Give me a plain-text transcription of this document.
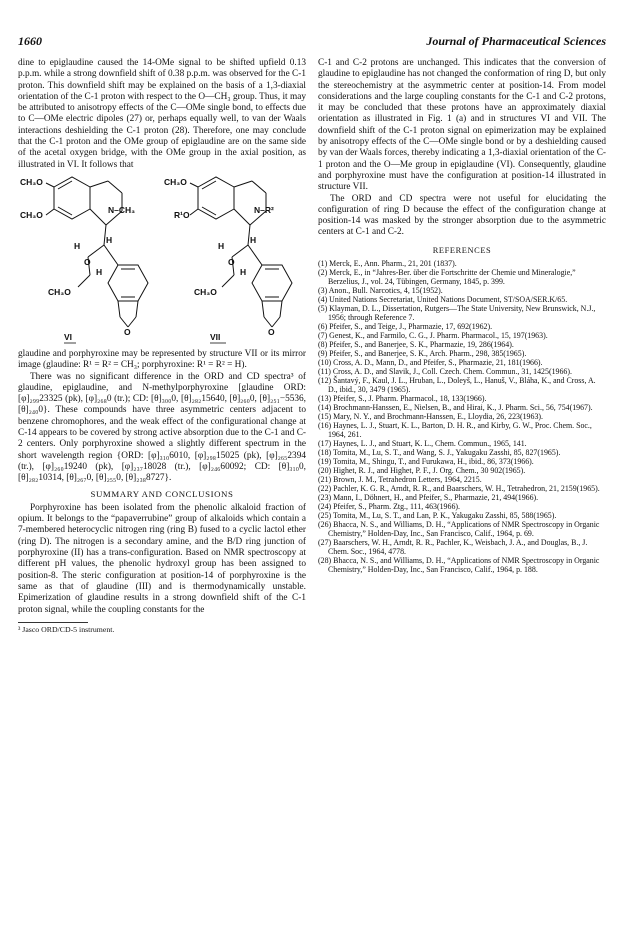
1660	Journal of Pharmaceutical Sciences

dine to epiglaudine caused the 14-OMe signal to be shifted upfield 0.13 p.p.m. while a strong downfield shift of 0.38 p.p.m. was observed for the C-1 proton. This downfield shift may be explained on the basis of a 1,3-diaxial orientation of the C-1 proton with respect to the O—CH₃ group. Thus, it may be attributed to anisotropy effects of the C—OMe single bond, to effects due to C—OMe electric dipoles (27) or, perhaps equally well, to van der Waals interactions deshielding the C-1 proton (28). Therefore, one may conclude that the C-1 proton and the OMe group of epiglaudine are on the same side of the acetal oxygen bridge, with the OMe group in the axial position, as illustrated in VI. It follows that

CH₃O
CH₃O	N–CH₃
H
H
O
H
CH₃O
O
CH₃O
R¹O	N–R²
H
H
O
H
CH₃O
O
VI	VII

glaudine and porphyroxine may be represented by structure VII or its mirror image (glaudine: R¹ = R² = CH₃; porphyroxine: R¹ = R² = H).

There was no significant difference in the ORD and CD spectra³ of glaudine, epiglaudine, and N-methylporphyroxine [glaudine ORD: [φ]₂₉₉23325 (pk), [φ]₂₆₈0 (tr.); CD: [θ]₃₀₀0, [θ]₂₈₂15640, [θ]₂₆₀0, [θ]₂₅₁−5536, [θ]₂₄₀0}. These compounds have three asymmetric centers adjacent to benzene chromophores, and the weak effect of the configurational change at C-14 appears to be covered by strong active absorption due to the C-1 and C-2 centers. Only porphyroxine showed a slightly different spectrum in the short wavelength region {ORD: [φ]₃₁₀6010, [φ]₂₉₈15025 (pk), [φ]₂₆₅2394 (tr.), [φ]₂₆₀19240 (pk), [φ]₂₃₇18028 (tr.), [φ]₂₄₆60092; CD: [θ]₃₁₀0, [θ]₂₈₂10314, [θ]₂₆₇0, [θ]₂₅₅0, [θ]₂₃₈8727}.

SUMMARY AND CONCLUSIONS

Porphyroxine has been isolated from the phenolic alkaloid fraction of opium. It belongs to the “papaverrubine” group of alkaloids which contain a 7-membered heterocyclic nitrogen ring (ring B) fused to a cyclic lactol ether (ring D). The nitrogen is a secondary amine, and the B/D ring junction of porphyroxine (II) has a trans-configuration. Based on NMR spectroscopy at different pH values, the phenolic hydroxyl group has been assigned to position-8. The steric configuration at position-14 of porphyroxine is the same as that of glaudine (III) and is thermodynamically unstable. Epimerization of glaudine results in a strong downfield shift of the C-1 proton signal, while the coupling constants for the

³ Jasco ORD/CD-5 instrument.

C-1 and C-2 protons are unchanged. This indicates that the conversion of glaudine to epiglaudine has not changed the conformation of ring D, but only the stereochemistry at the asymmetric center at position-14. From model considerations and the large coupling constants for the C-1 and C-2 protons, it may be concluded that these protons have an approximately diaxial orientation as illustrated in Fig. 1 (a) and in structures VI and VII. The downfield shift of the C-1 proton signal on epimerization may be explained by anisotropy effects of the C—OMe single bond or by a deshielding caused by van der Waals forces, thereby indicating a 1,3-diaxial orientation of the C-1 proton and the O—Me group in epiglaudine (VI). Consequently, glaudine and porphyroxine must have the configuration at position-14 illustrated in structure VII.

The ORD and CD spectra were not useful for elucidating the configuration of ring D because the effect of the configuration change at position-14 was masked by the stronger absorption due to the asymmetric centers at C-1 and C-2.

REFERENCES
(1) Merck, E., Ann. Pharm., 21, 201 (1837).
(2) Merck, E., in “Jahres-Ber. über die Fortschritte der Chemie und Mineralogie,” Berzelius, J., vol. 24, Tübingen, Germany, 1845, p. 399.
(3) Anon., Bull. Narcotics, 4, 15(1952).
(4) United Nations Secretariat, United Nations Document, ST/SOA/SER.K/65.
(5) Klayman, D. L., Dissertation, Rutgers—The State University, New Brunswick, N.J., 1956; through Reference 7.
(6) Pfeifer, S., and Teige, J., Pharmazie, 17, 692(1962).
(7) Genest, K., and Farmilo, C. G., J. Pharm. Pharmacol., 15, 197(1963).
(8) Pfeifer, S., and Banerjee, S. K., Pharmazie, 19, 286(1964).
(9) Pfeifer, S., and Banerjee, S. K., Arch. Pharm., 298, 385(1965).
(10) Cross, A. D., Mann, D., and Pfeifer, S., Pharmazie, 21, 181(1966).
(11) Cross, A. D., and Slavik, J., Coll. Czech. Chem. Commun., 31, 1425(1966).
(12) Šantavý, F., Kaul, J. L., Hruban, L., Doleyš, L., Hanuš, V., Bláha, K., and Cross, A. D., ibid., 30, 3479 (1965).
(13) Pfeifer, S., J. Pharm. Pharmacol., 18, 133(1966).
(14) Brochmann-Hanssen, E., Nielsen, B., and Hirai, K., J. Pharm. Sci., 56, 754(1967).
(15) Mary, N. Y., and Brochmann-Hanssen, E., Lloydia, 26, 223(1963).
(16) Haynes, L. J., Stuart, K. L., Barton, D. H. R., and Kirby, G. W., Proc. Chem. Soc., 1964, 261.
(17) Haynes, L. J., and Stuart, K. L., Chem. Commun., 1965, 141.
(18) Tomita, M., Lu, S. T., and Wang, S. J., Yakugaku Zasshi, 85, 827(1965).
(19) Tomita, M., Shingu, T., and Furukawa, H., ibid., 86, 373(1966).
(20) Highet, R. J., and Highet, P. F., J. Org. Chem., 30 902(1965).
(21) Brown, J. M., Tetrahedron Letters, 1964, 2215.
(22) Pachler, K. G. R., Arndt, R. R., and Baarschers, W. H., Tetrahedron, 21, 2159(1965).
(23) Mann, I., Döhnert, H., and Pfeifer, S., Pharmazie, 21, 494(1966).
(24) Pfeifer, S., Pharm. Ztg., 111, 463(1966).
(25) Tomita, M., Lu, S. T., and Lan, P. K., Yakugaku Zasshi, 85, 588(1965).
(26) Bhacca, N. S., and Williams, D. H., “Applications of NMR Spectroscopy in Organic Chemistry,” Holden-Day, Inc., San Francisco, Calif., 1964, p. 69.
(27) Baarschers, W. H., Arndt, R. R., Pachler, K., Weisbach, J. A., and Douglas, B., J. Chem. Soc., 1964, 4778.
(28) Bhacca, N. S., and Williams, D. H., “Applications of NMR Spectroscopy in Organic Chemistry,” Holden-Day, Inc., San Francisco, Calif., 1964, p. 188.
